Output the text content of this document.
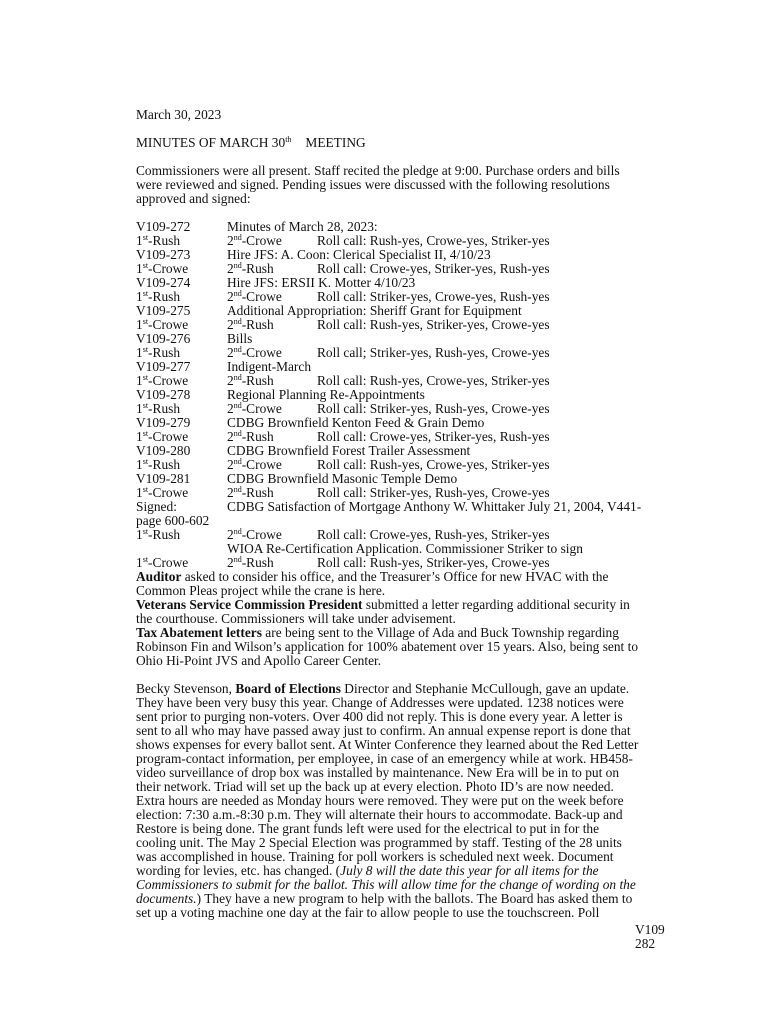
March 30, 2023
MINUTES OF MARCH 30th MEETING
Commissioners were all present. Staff recited the pledge at 9:00. Purchase orders and bills
were reviewed and signed. Pending issues were discussed with the following resolutions
approved and signed:
V109-272	Minutes of March 28, 2023:
1st-Rush	2nd-Crowe	Roll call: Rush-yes, Crowe-yes, Striker-yes
V109-273	Hire JFS: A. Coon: Clerical Specialist II, 4/10/23
1st-Crowe	2nd-Rush	Roll call: Crowe-yes, Striker-yes, Rush-yes
V109-274	Hire JFS: ERSII K. Motter 4/10/23
1st-Rush	2nd-Crowe	Roll call: Striker-yes, Crowe-yes, Rush-yes
V109-275	Additional Appropriation: Sheriff Grant for Equipment
1st-Crowe	2nd-Rush	Roll call: Rush-yes, Striker-yes, Crowe-yes
V109-276	Bills
1st-Rush	2nd-Crowe	Roll call; Striker-yes, Rush-yes, Crowe-yes
V109-277	Indigent-March
1st-Crowe	2nd-Rush	Roll call: Rush-yes, Crowe-yes, Striker-yes
V109-278	Regional Planning Re-Appointments
1st-Rush	2nd-Crowe	Roll call: Striker-yes, Rush-yes, Crowe-yes
V109-279	CDBG Brownfield Kenton Feed & Grain Demo
1st-Crowe	2nd-Rush	Roll call: Crowe-yes, Striker-yes, Rush-yes
V109-280	CDBG Brownfield Forest Trailer Assessment
1st-Rush	2nd-Crowe	Roll call: Rush-yes, Crowe-yes, Striker-yes
V109-281	CDBG Brownfield Masonic Temple Demo
1st-Crowe	2nd-Rush	Roll call: Striker-yes, Rush-yes, Crowe-yes
Signed:	CDBG Satisfaction of Mortgage Anthony W. Whittaker July 21, 2004, V441-
page 600-602
1st-Rush	2nd-Crowe	Roll call: Crowe-yes, Rush-yes, Striker-yes
WIOA Re-Certification Application. Commissioner Striker to sign
1st-Crowe	2nd-Rush	Roll call: Rush-yes, Striker-yes, Crowe-yes
Auditor asked to consider his office, and the Treasurer’s Office for new HVAC with the
Common Pleas project while the crane is here.
Veterans Service Commission President submitted a letter regarding additional security in
the courthouse. Commissioners will take under advisement.
Tax Abatement letters are being sent to the Village of Ada and Buck Township regarding
Robinson Fin and Wilson’s application for 100% abatement over 15 years. Also, being sent to
Ohio Hi-Point JVS and Apollo Career Center.
Becky Stevenson, Board of Elections Director and Stephanie McCullough, gave an update.
They have been very busy this year. Change of Addresses were updated. 1238 notices were
sent prior to purging non-voters. Over 400 did not reply. This is done every year. A letter is
sent to all who may have passed away just to confirm. An annual expense report is done that
shows expenses for every ballot sent. At Winter Conference they learned about the Red Letter
program-contact information, per employee, in case of an emergency while at work. HB458-
video surveillance of drop box was installed by maintenance. New Era will be in to put on
their network. Triad will set up the back up at every election. Photo ID’s are now needed.
Extra hours are needed as Monday hours were removed. They were put on the week before
election: 7:30 a.m.-8:30 p.m. They will alternate their hours to accommodate. Back-up and
Restore is being done. The grant funds left were used for the electrical to put in for the
cooling unit. The May 2 Special Election was programmed by staff. Testing of the 28 units
was accomplished in house. Training for poll workers is scheduled next week. Document
wording for levies, etc. has changed. (July 8 will the date this year for all items for the
Commissioners to submit for the ballot. This will allow time for the change of wording on the
documents.) They have a new program to help with the ballots. The Board has asked them to
set up a voting machine one day at the fair to allow people to use the touchscreen. Poll
V109
282
